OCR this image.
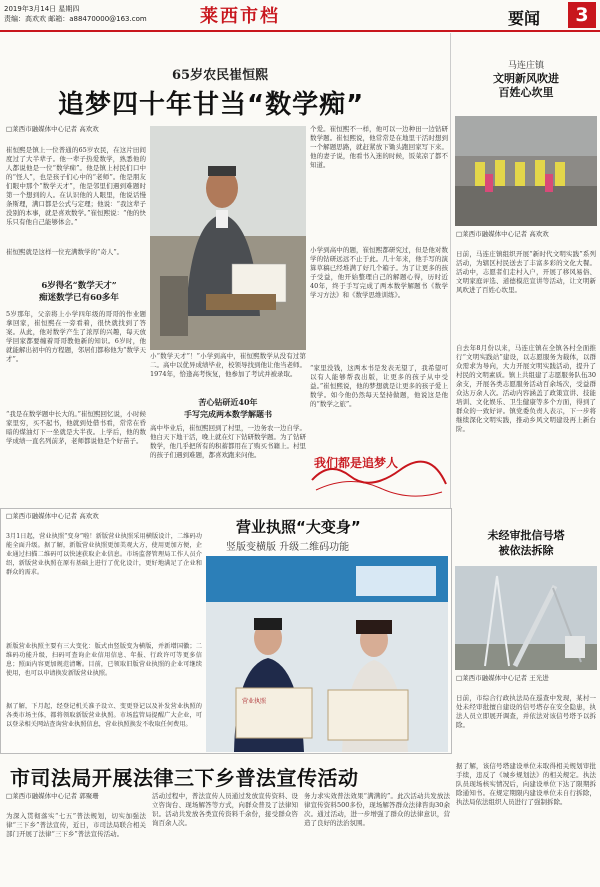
2019年3月14日 星期四
责编：高欢欢 邮箱：a88470000@163.com	莱西市档	要闻	3
65岁农民崔恒熙
追梦四十年甘当“数学痴”
□莱西市融媒体中心记者 高欢欢
崔恒熙是镇上一位普通的65岁农民，在这片田间度过了大半辈子。他一辈子热爱数学，熟悉他的人都说他是一位“数学痴”。他是镇上村民们口中的“怪人”，也是孩子们心中的“老师”。他是朋友们眼中那个“数学天才”，他是邻里们遇到难题时第一个想到的人。在认识他的人眼里，他说话慢条斯理，满口都是公式与定理；他说：“我这辈子没别的本事，就是喜欢数学。”崔恒熙说：“他的快乐只有他自己能够体会。”
崔恒熙就是这样一位充满数学的“奇人”。
6岁得名“数学天才”
痴迷数学已有60多年
5岁那年，父亲将上小学四年级的哥哥的作业题拿回家，崔恒熙在一旁看着，很快就找到了答案。从此，他对数学产生了浓厚的兴趣，每天放学回家都要缠着哥哥教他新的知识。6岁时，他就能解出初中的方程题，邻居们都称他为“数学天才”。
“我是在数学题中长大的。”崔恒熙回忆说，小时候家里穷，买不起书，他就到处借书看，常常在昏暗的煤油灯下一坐就是大半夜。上学后，他的数学成绩一直名列前茅，老师都说他是个好苗子。
小“数学天才”！”小学到高中，崔恒熙数学从没有过第二。高中以优异成绩毕业，校领导找到他让他当老师。1974年，恰逢高考恢复，他参加了考试并被录取。
苦心钻研近40年
手写完成两本数学解题书
高中毕业后，崔恒熙回到了村里，一边务农一边自学。他白天下地干活，晚上就在灯下钻研数学题。为了钻研数学，他几乎把所有的积蓄都用在了购买书籍上。村里的孩子们遇到难题，都喜欢跑来问他。
个爱。崔恒熙不一样，他可以一边种田一边钻研数学题。崔恒熙说，他常常是在地里干活时想到一个解题思路，就赶紧放下锄头跑回家写下来。他的妻子说，他看书入迷的时候，饭菜凉了都不知道。
小学到高中的题，崔恒熙都研究过，但是他对数学的钻研远远不止于此。几十年来，他手写的演算草稿已经堆满了好几个箱子。为了让更多的孩子受益，他开始整理自己的解题心得，历时近40年，终于手写完成了两本数学解题书《数学学习方法》和《数学思维训练》。
“家里没钱，这两本书是发表无望了，我希望可以有人能够帮我出版，让更多的孩子从中受益。”崔恒熙说，他的梦想就是让更多的孩子爱上数学。如今他仍然每天坚持做题，他说这是他的“数学之旅”。
我们都是追梦人
马连庄镇
文明新风吹进
百姓心坎里
□莱西市融媒体中心记者 高欢欢
日前，马连庄镇组织开展“新时代文明实践”系列活动，为辖区村民送去了丰富多彩的文化大餐。活动中，志愿者们走村入户，开展了移风易俗、文明家庭评选、道德模范宣讲等活动，让文明新风吹进了百姓心坎里。
自去年8月份以来，马连庄镇在全镇各村全面推行“文明实践站”建设，以志愿服务为载体，以群众需求为导向，大力开展文明实践活动，提升了村民的文明素质。镇上共组建了志愿服务队伍30余支，开展各类志愿服务活动百余场次，受益群众达万余人次。活动内容涵盖了政策宣讲、技能培训、文化娱乐、卫生健康等多个方面，得到了群众的一致好评。镇党委负责人表示，下一步将继续深化文明实践，推动乡风文明建设再上新台阶。
未经审批信号塔
被依法拆除
□莱西市融媒体中心记者 王光进
日前，市综合行政执法局在巡查中发现，某村一处未经审批擅自建设的信号塔存在安全隐患，执法人员立即展开调查，并依法对该信号塔予以拆除。
据了解，该信号塔建设单位未取得相关规划审批手续，违反了《城乡规划法》的相关规定。执法队员现场核实情况后，向建设单位下达了限期拆除通知书。在规定期限内建设单位未自行拆除，执法局依法组织人员进行了强制拆除。
□莱西市融媒体中心记者 高欢欢
3月1日起，营业执照“变身”啦！新版营业执照采用横版设计，二维码功能全面升级。据了解，新版营业执照更加美观大方，使用更加方便，企业通过扫描二维码可以快速获取企业信息。市场监督管理局工作人员介绍，新版营业执照在原有基础上进行了优化设计，更好地满足了企业和群众的需求。
新版营业执照主要有三大变化：版式由竖版变为横版，并新增国徽；二维码功能升级，扫码可查询企业信用信息、年报、行政许可等更多信息；照面内容更加规范清晰。目前，已领取旧版营业执照的企业可继续使用，也可以申请换发新版营业执照。
据了解，下月起，经登记机关准予设立、变更登记以及补发营业执照的各类市场主体，都将领取新版营业执照。市场监管局提醒广大企业，可以登录相关网站查询营业执照信息，营业执照换发不收取任何费用。
营业执照“大变身”
竖版变横版 升级二维码功能
营业执照
市司法局开展法律三下乡普法宣传活动
□莱西市融媒体中心记者 郭聚珊
为深入贯彻落实“七五”普法规划，切实加强法律“三下乡”普法宣传，近日，市司法局联合相关部门开展了法律“三下乡”普法宣传活动。
活动过程中，普法宣传人员通过发放宣传资料、设立咨询台、现场解答等方式，向群众普及了法律知识。活动共发放各类宣传资料千余份，接受群众咨询百余人次。
务力求实效普法效果“满满的”。此次活动共发放法律宣传资料500多份，现场解答群众法律咨询30余次。通过活动，进一步增强了群众的法律意识，营造了良好的法治氛围。
